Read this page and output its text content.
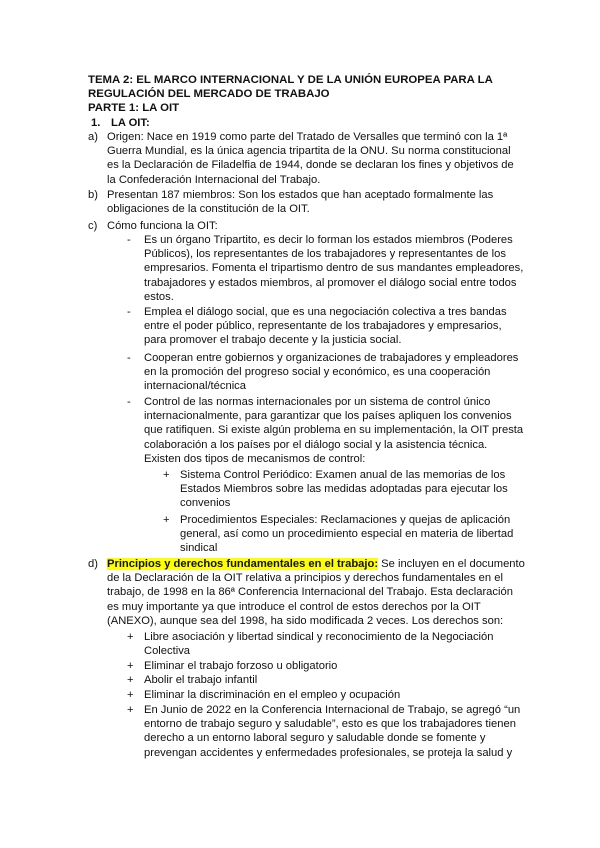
TEMA 2: EL MARCO INTERNACIONAL Y DE LA UNIÓN EUROPEA PARA LA REGULACIÓN DEL MERCADO DE TRABAJO
PARTE 1: LA OIT
1. LA OIT:
a) Origen: Nace en 1919 como parte del Tratado de Versalles que terminó con la 1ª Guerra Mundial, es la única agencia tripartita de la ONU. Su norma constitucional es la Declaración de Filadelfia de 1944, donde se declaran los fines y objetivos de la Confederación Internacional del Trabajo.
b) Presentan 187 miembros: Son los estados que han aceptado formalmente las obligaciones de la constitución de la OIT.
c) Cómo funciona la OIT:
- Es un órgano Tripartito, es decir lo forman los estados miembros (Poderes Públicos), los representantes de los trabajadores y representantes de los empresarios. Fomenta el tripartismo dentro de sus mandantes empleadores, trabajadores y estados miembros, al promover el diálogo social entre todos estos.
- Emplea el diálogo social, que es una negociación colectiva a tres bandas entre el poder público, representante de los trabajadores y empresarios, para promover el trabajo decente y la justicia social.
- Cooperan entre gobiernos y organizaciones de trabajadores y empleadores en la promoción del progreso social y económico, es una cooperación internacional/técnica
- Control de las normas internacionales por un sistema de control único internacionalmente, para garantizar que los países apliquen los convenios que ratifiquen. Si existe algún problema en su implementación, la OIT presta colaboración a los países por el diálogo social y la asistencia técnica. Existen dos tipos de mecanismos de control:
+ Sistema Control Periódico: Examen anual de las memorias de los Estados Miembros sobre las medidas adoptadas para ejecutar los convenios
+ Procedimientos Especiales: Reclamaciones y quejas de aplicación general, así como un procedimiento especial en materia de libertad sindical
d) Principios y derechos fundamentales en el trabajo: Se incluyen en el documento de la Declaración de la OIT relativa a principios y derechos fundamentales en el trabajo, de 1998 en la 86ª Conferencia Internacional del Trabajo. Esta declaración es muy importante ya que introduce el control de estos derechos por la OIT (ANEXO), aunque sea del 1998, ha sido modificada 2 veces. Los derechos son:
+ Libre asociación y libertad sindical y reconocimiento de la Negociación Colectiva
+ Eliminar el trabajo forzoso u obligatorio
+ Abolir el trabajo infantil
+ Eliminar la discriminación en el empleo y ocupación
+ En Junio de 2022 en la Conferencia Internacional de Trabajo, se agregó “un entorno de trabajo seguro y saludable”, esto es que los trabajadores tienen derecho a un entorno laboral seguro y saludable donde se fomente y prevengan accidentes y enfermedades profesionales, se proteja la salud y
